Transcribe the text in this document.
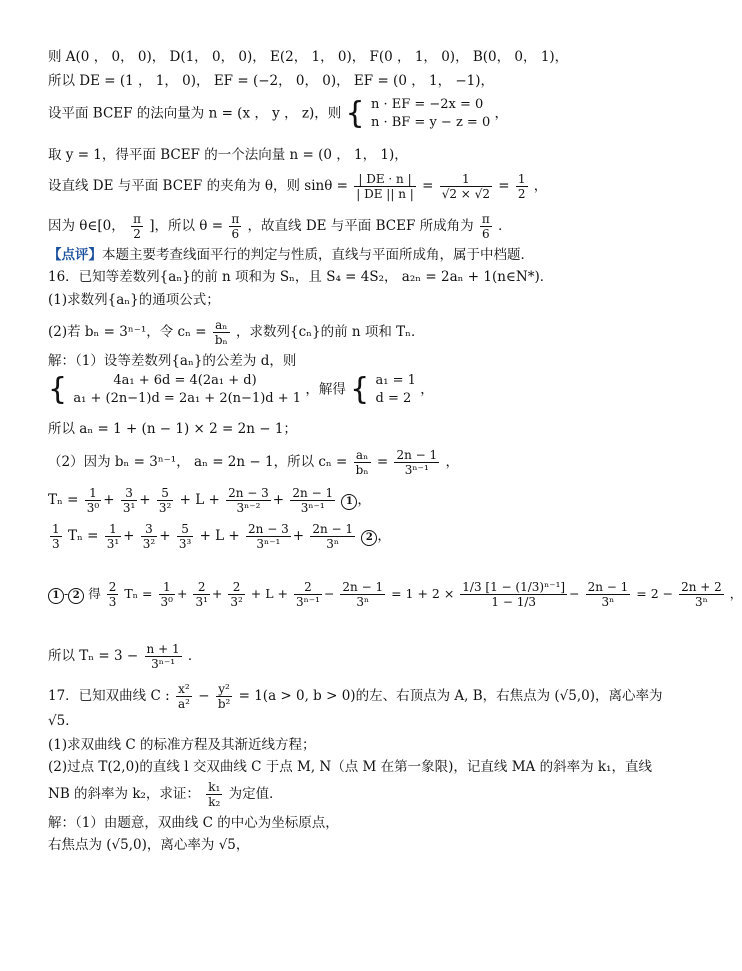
则 A(0 ， 0， 0)， D(1， 0， 0)， E(2， 1， 0)， F(0 ， 1， 0)， B(0， 0， 1)，
所以 DE = (1 ， 1， 0)， EF = (−2， 0， 0)， EF = (0 ， 1， −1)，
设平面 BCEF 的法向量为 n = (x ， y ， z)，则 { n · EF = −2x = 0
n · BF = y − z = 0
，
取 y = 1，得平面 BCEF 的一个法向量 n = (0 ， 1， 1)，
设直线 DE 与平面 BCEF 的夹角为 θ，则 $\sin\theta = \frac{| DE \cdot n |}{| DE || n |} = \frac{1}{√2 \times √2} = \frac{1}{2}$ ，
因为 θ∈[0， $\frac{\pi}{2}$ ]，所以 $\theta = \frac{\pi}{6}$ ，故直线 DE 与平面 BCEF 所成角为 $\frac{\pi}{6}$ ．
【点评】本题主要考查线面平行的判定与性质，直线与平面所成角，属于中档题．
16．已知等差数列{aₙ}的前 n 项和为 Sₙ，且 S₄ = 4S₂， a₂ₙ = 2aₙ + 1(n∈N*)．
(1)求数列{aₙ}的通项公式；
(2)若 bₙ = 3ⁿ⁻¹，令 $c_n = \frac{\text{aₙ}}{\text{bₙ}}$ ，求数列{cₙ}的前 n 项和 Tₙ．
解：（1）设等差数列{aₙ}的公差为 d，则
{	4a₁ + 6d = 4(2a₁ + d)
a₁ + (2n−1)d = 2a₁ + 2(n−1)d + 1
，解得 { a₁ = 1
d = 2
，
所以 aₙ = 1 + (n − 1) × 2 = 2n − 1；
（2）因为 bₙ = 3ⁿ⁻¹， aₙ = 2n − 1，所以 $c_n = \frac{\text{aₙ}}{\text{bₙ}} = \frac{2n - 1}{\text{3ⁿ⁻¹}}$ ，
$T_n = \frac{1}{\text{3⁰}} + \frac{3}{\text{3¹}} + \frac{5}{\text{3²}} + L + \frac{2n - 3}{\text{3ⁿ⁻²}} + \frac{2n - 1}{\text{3ⁿ⁻¹}} 1$ ，
$\frac{1}{3}$ $T_n = \frac{1}{\text{3¹}} + \frac{3}{\text{3²}} + \frac{5}{\text{3³}} + L + \frac{2n - 3}{\text{3ⁿ⁻¹}} + \frac{2n - 1}{\text{3ⁿ}} 2$ ，
1 - 2 得 $\frac{2}{3}$ $T_n = \frac{1}{\text{3⁰}} + \frac{2}{\text{3¹}} + \frac{2}{\text{3²}} + L + \frac{2}{\text{3ⁿ⁻¹}} - \frac{2n - 1}{\text{3ⁿ}} = 1 + 2 \times \frac{\text{1/3 [1 − (1/3)ⁿ⁻¹]}}{1 - 1/3} - \frac{2n - 1}{\text{3ⁿ}} = 2 - \frac{2n + 2}{\text{3ⁿ}}$ ，
所以 $T_n = 3 - \frac{n + 1}{\text{3ⁿ⁻¹}}$ ．
17．已知双曲线 C : $\frac{\text{x²}}{\text{a²}} - \frac{\text{y²}}{\text{b²}} = 1(a > 0$, b > 0)的左、右顶点为 A, B，右焦点为 (√5,0)，离心率为
√5．
(1)求双曲线 C 的标准方程及其渐近线方程；
(2)过点 T(2,0)的直线 l 交双曲线 C 于点 M, N（点 M 在第一象限)，记直线 MA 的斜率为 k₁，直线
NB 的斜率为 k₂，求证： $\frac{\text{k₁}}{\text{k₂}}$ 为定值．
解：（1）由题意，双曲线 C 的中心为坐标原点，
右焦点为 (√5,0)，离心率为 √5，
